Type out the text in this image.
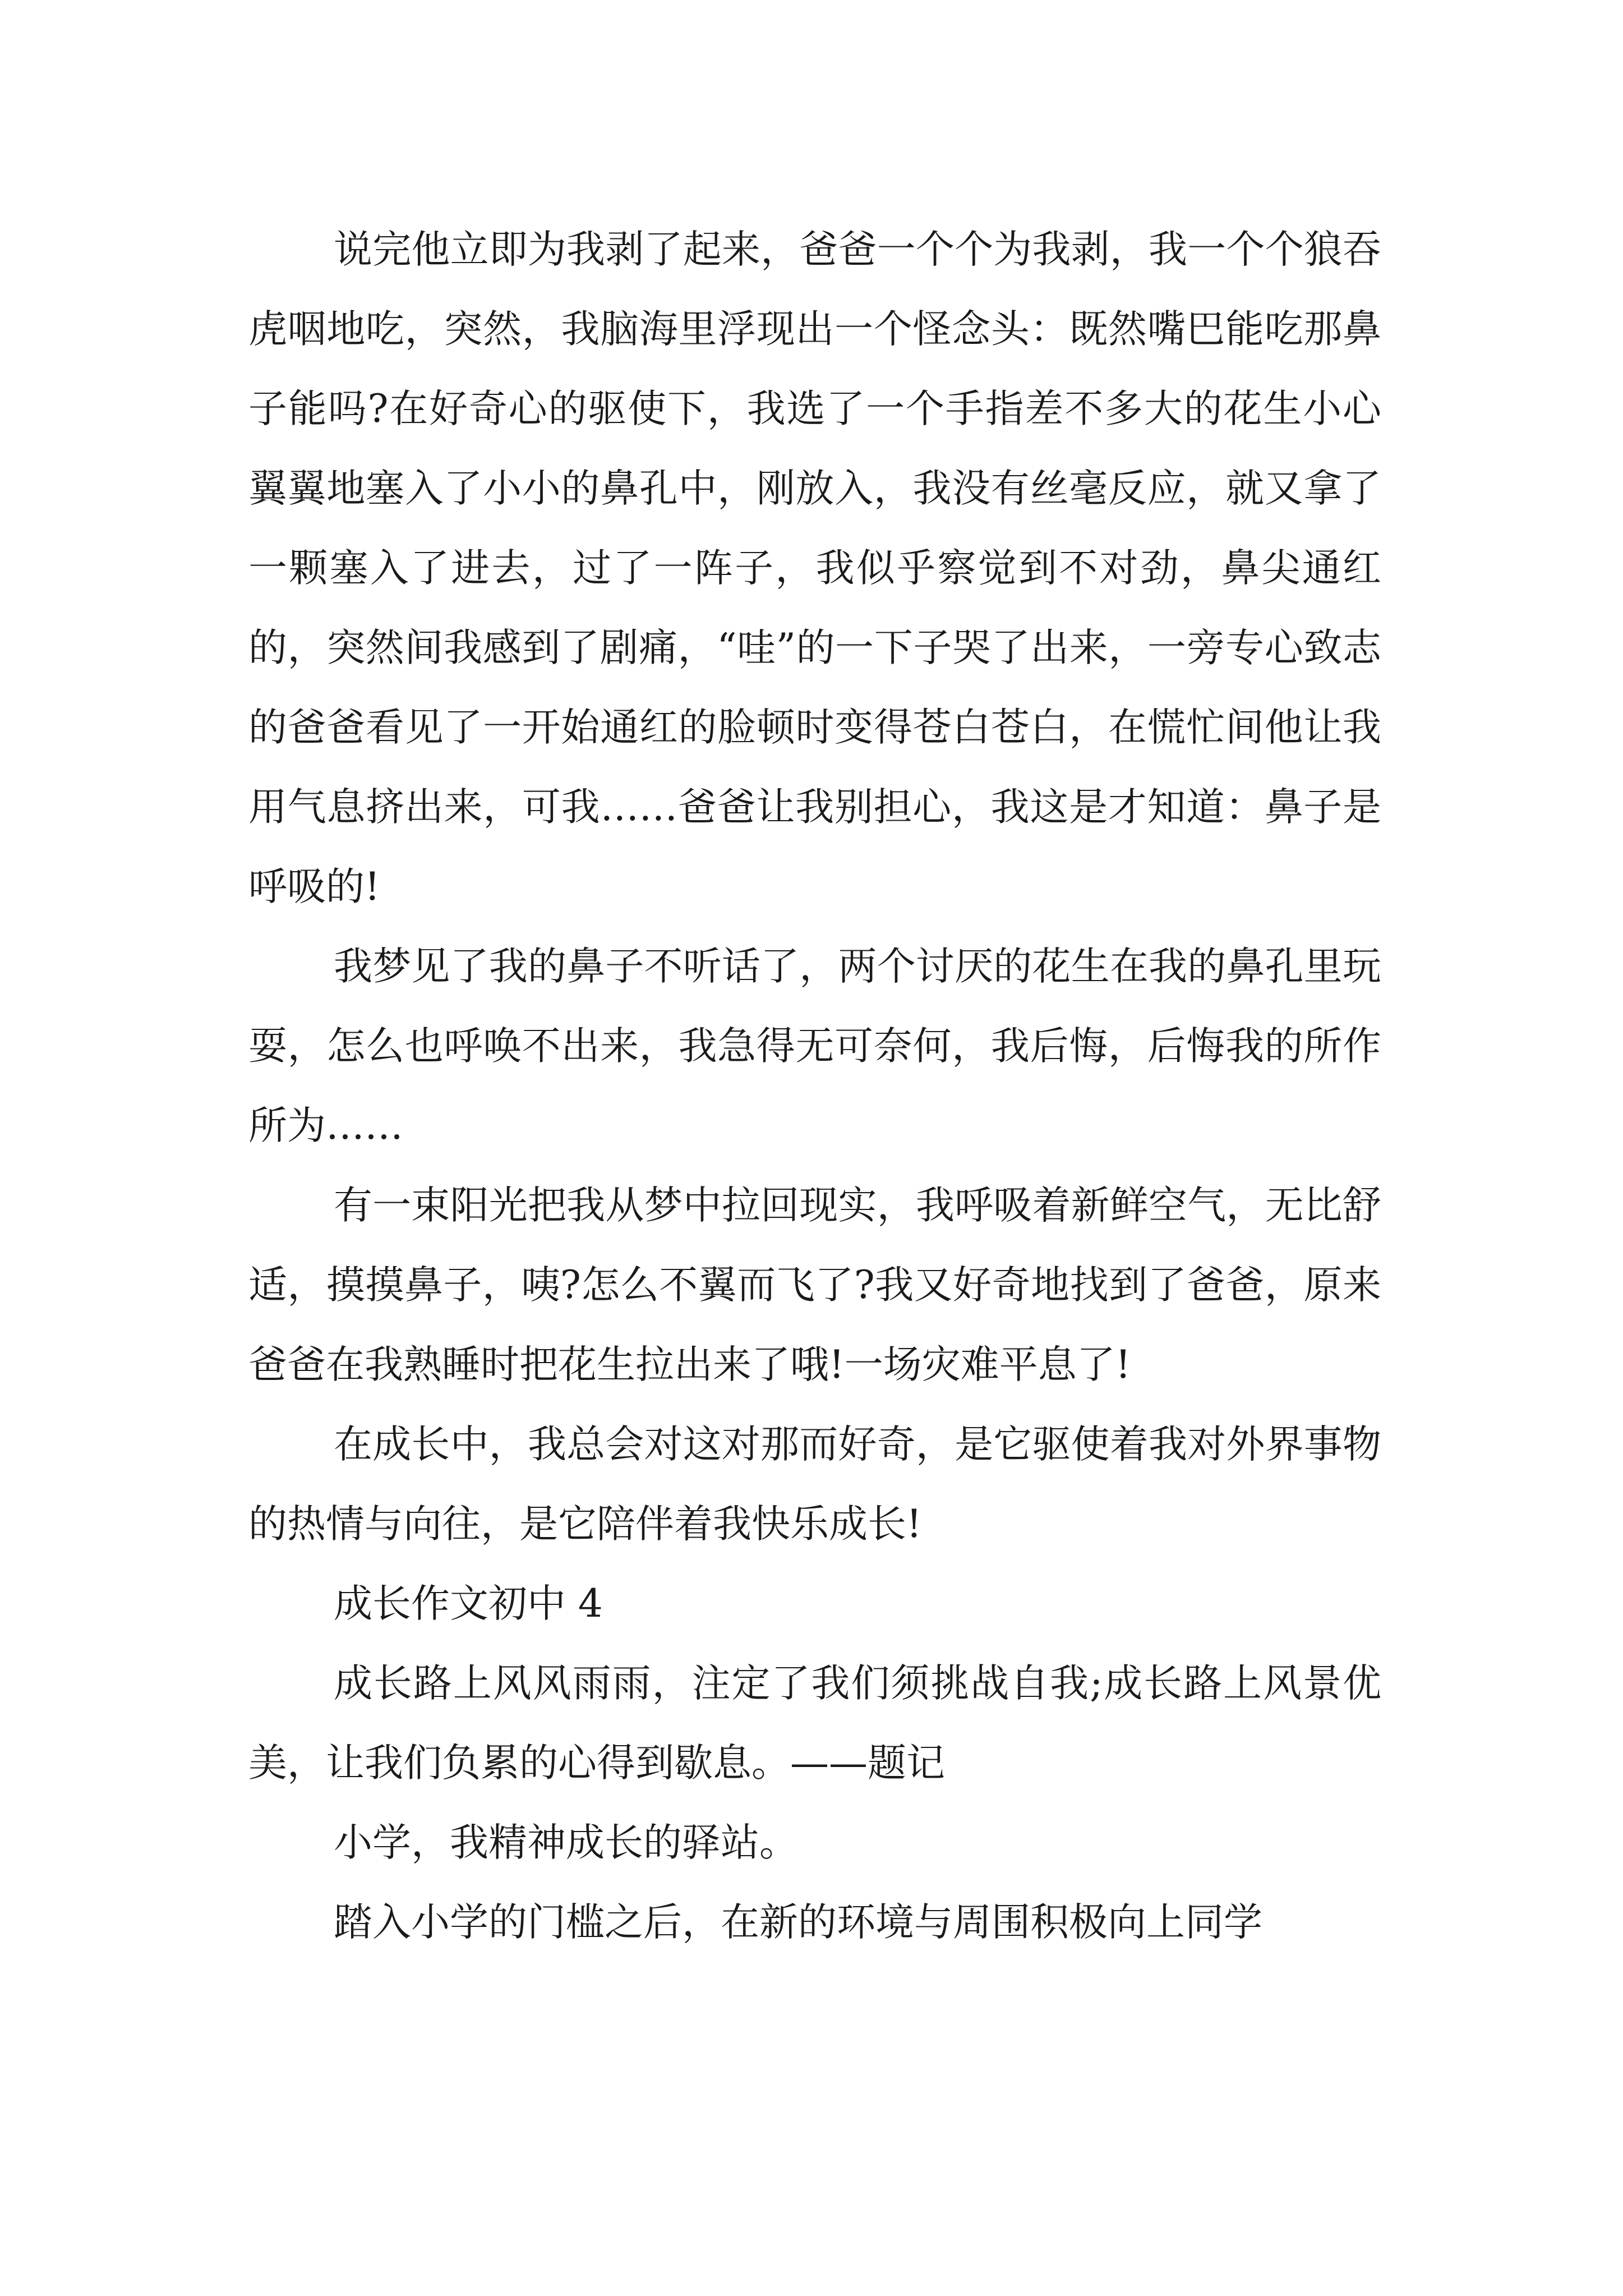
说完他立即为我剥了起来，爸爸一个个为我剥，我一个个狼吞虎咽地吃，突然，我脑海里浮现出一个怪念头：既然嘴巴能吃那鼻子能吗?在好奇心的驱使下，我选了一个手指差不多大的花生小心翼翼地塞入了小小的鼻孔中，刚放入，我没有丝毫反应，就又拿了一颗塞入了进去，过了一阵子，我似乎察觉到不对劲，鼻尖通红的，突然间我感到了剧痛，“哇”的一下子哭了出来，一旁专心致志的爸爸看见了一开始通红的脸顿时变得苍白苍白，在慌忙间他让我用气息挤出来，可我……爸爸让我别担心，我这是才知道：鼻子是呼吸的!

我梦见了我的鼻子不听话了，两个讨厌的花生在我的鼻孔里玩耍，怎么也呼唤不出来，我急得无可奈何，我后悔，后悔我的所作所为……

有一束阳光把我从梦中拉回现实，我呼吸着新鲜空气，无比舒适，摸摸鼻子，咦?怎么不翼而飞了?我又好奇地找到了爸爸，原来爸爸在我熟睡时把花生拉出来了哦!一场灾难平息了!

在成长中，我总会对这对那而好奇，是它驱使着我对外界事物的热情与向往，是它陪伴着我快乐成长!

成长作文初中 4

成长路上风风雨雨，注定了我们须挑战自我;成长路上风景优美，让我们负累的心得到歇息。——题记

小学，我精神成长的驿站。

踏入小学的门槛之后，在新的环境与周围积极向上同学
